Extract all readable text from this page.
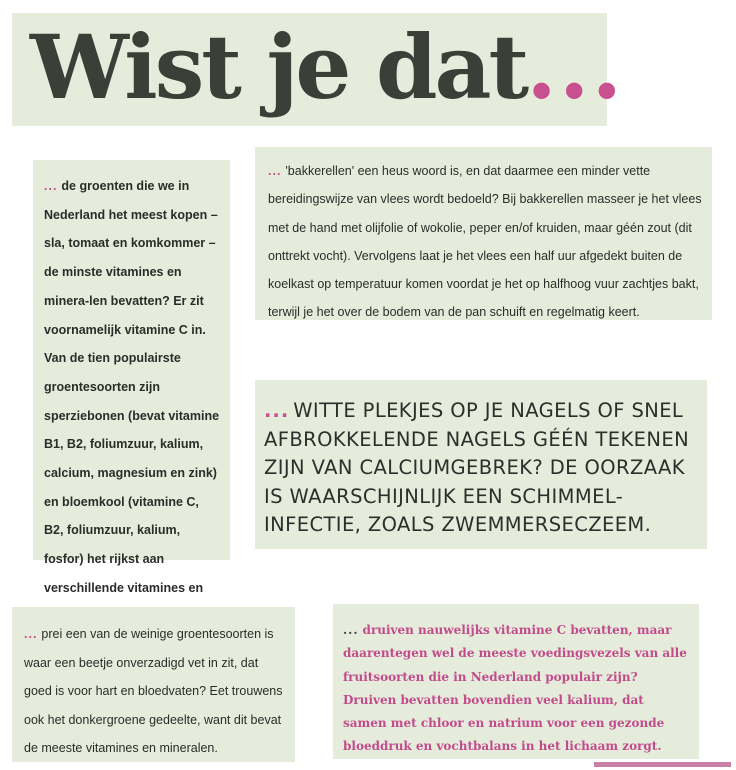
Wist je dat...

... de groenten die we in Nederland het meest kopen – sla, tomaat en komkommer – de minste vitamines en minera-len bevatten? Er zit voornamelijk vitamine C in. Van de tien populairste groentesoorten zijn sperziebonen (bevat vitamine B1, B2, foliumzuur, kalium, calcium, magnesium en zink) en bloemkool (vitamine C, B2, foliumzuur, kalium, fosfor) het rijkst aan verschillende vitamines en

... 'bakkerellen' een heus woord is, en dat daarmee een minder vette bereidingswijze van vlees wordt bedoeld? Bij bakkerellen masseer je het vlees met de hand met olijfolie of wokolie, peper en/of kruiden, maar géén zout (dit onttrekt vocht). Vervolgens laat je het vlees een half uur afgedekt buiten de koelkast op temperatuur komen voordat je het op halfhoog vuur zachtjes bakt, terwijl je het over de bodem van de pan schuift en regelmatig keert.

... WITTE PLEKJES OP JE NAGELS OF SNEL AFBROKKELENDE NAGELS GÉÉN TEKENEN ZIJN VAN CALCIUMGEBREK? DE OORZAAK IS WAARSCHIJNLIJK EEN SCHIMMEL-INFECTIE, ZOALS ZWEMMERSECZEEM.

... prei een van de weinige groentesoorten is waar een beetje onverzadigd vet in zit, dat goed is voor hart en bloedvaten? Eet trouwens ook het donkergroene gedeelte, want dit bevat de meeste vitamines en mineralen.

... druiven nauwelijks vitamine C bevatten, maar daarentegen wel de meeste voedingsvezels van alle fruitsoorten die in Nederland populair zijn? Druiven bevatten bovendien veel kalium, dat samen met chloor en natrium voor een gezonde bloeddruk en vochtbalans in het lichaam zorgt.
